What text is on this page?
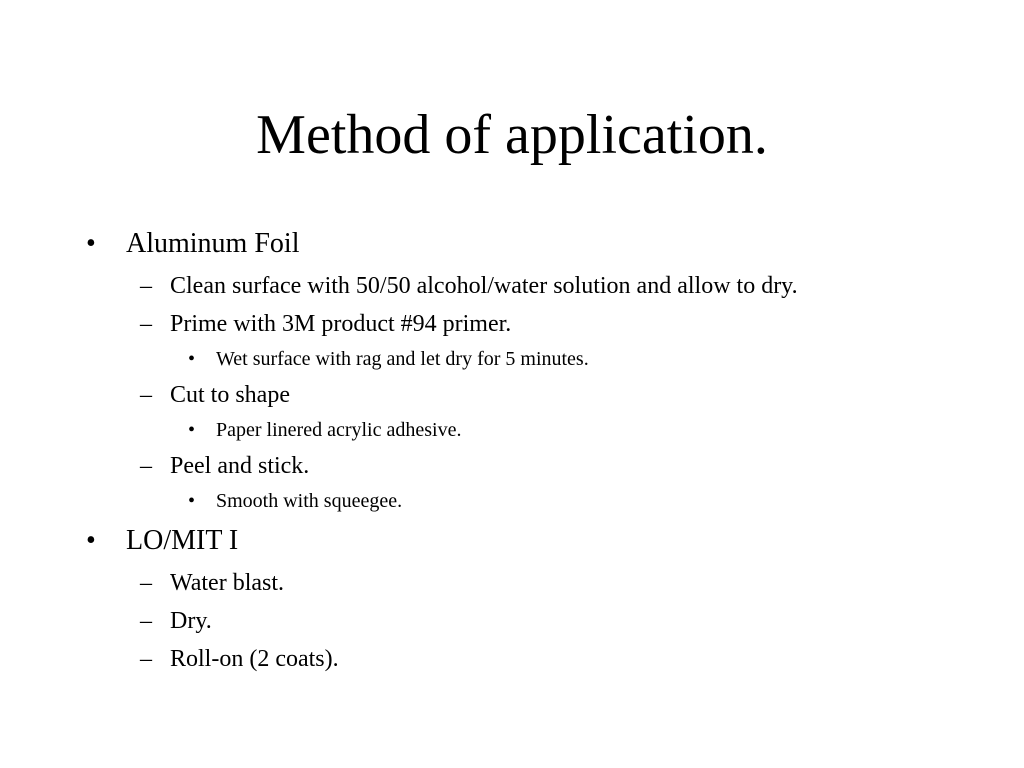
Method of application.
• Aluminum Foil
– Clean surface with 50/50 alcohol/water solution and allow to dry.
– Prime with 3M product #94 primer.
• Wet surface with rag and let dry for 5 minutes.
– Cut to shape
• Paper linered acrylic adhesive.
– Peel and stick.
• Smooth with squeegee.
• LO/MIT I
– Water blast.
– Dry.
– Roll-on (2 coats).
